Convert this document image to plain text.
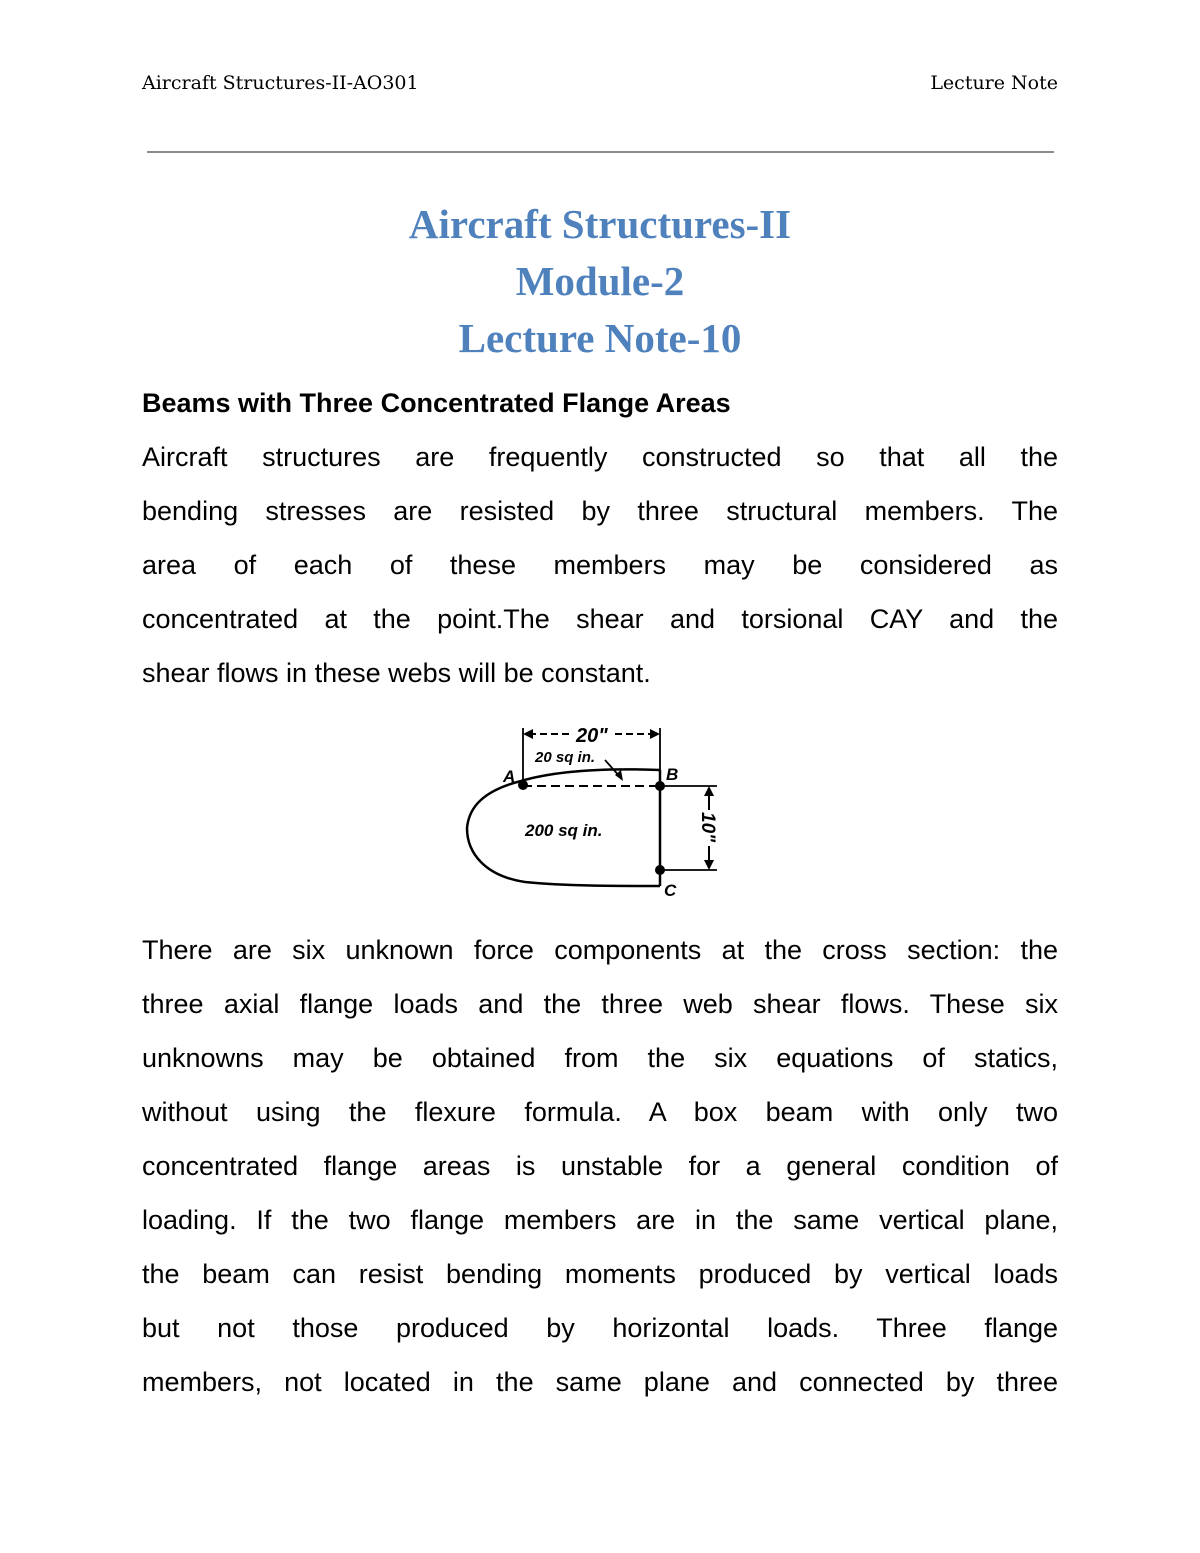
Aircraft Structures-II-AO301	Lecture Note
Aircraft Structures-II
Module-2
Lecture Note-10
Beams with Three Concentrated Flange Areas
Aircraft structures are frequently constructed so that all the
bending stresses are resisted by three structural members. The
area of each of these members may be considered as
concentrated at the point.The shear and torsional CAY and the
shear flows in these webs will be constant.
20"
20 sq in.
A	B
C
200 sq in.	10"
There are six unknown force components at the cross section: the
three axial flange loads and the three web shear flows. These six
unknowns may be obtained from the six equations of statics,
without using the flexure formula. A box beam with only two
concentrated flange areas is unstable for a general condition of
loading. If the two flange members are in the same vertical plane,
the beam can resist bending moments produced by vertical loads
but not those produced by horizontal loads. Three flange
members, not located in the same plane and connected by three
